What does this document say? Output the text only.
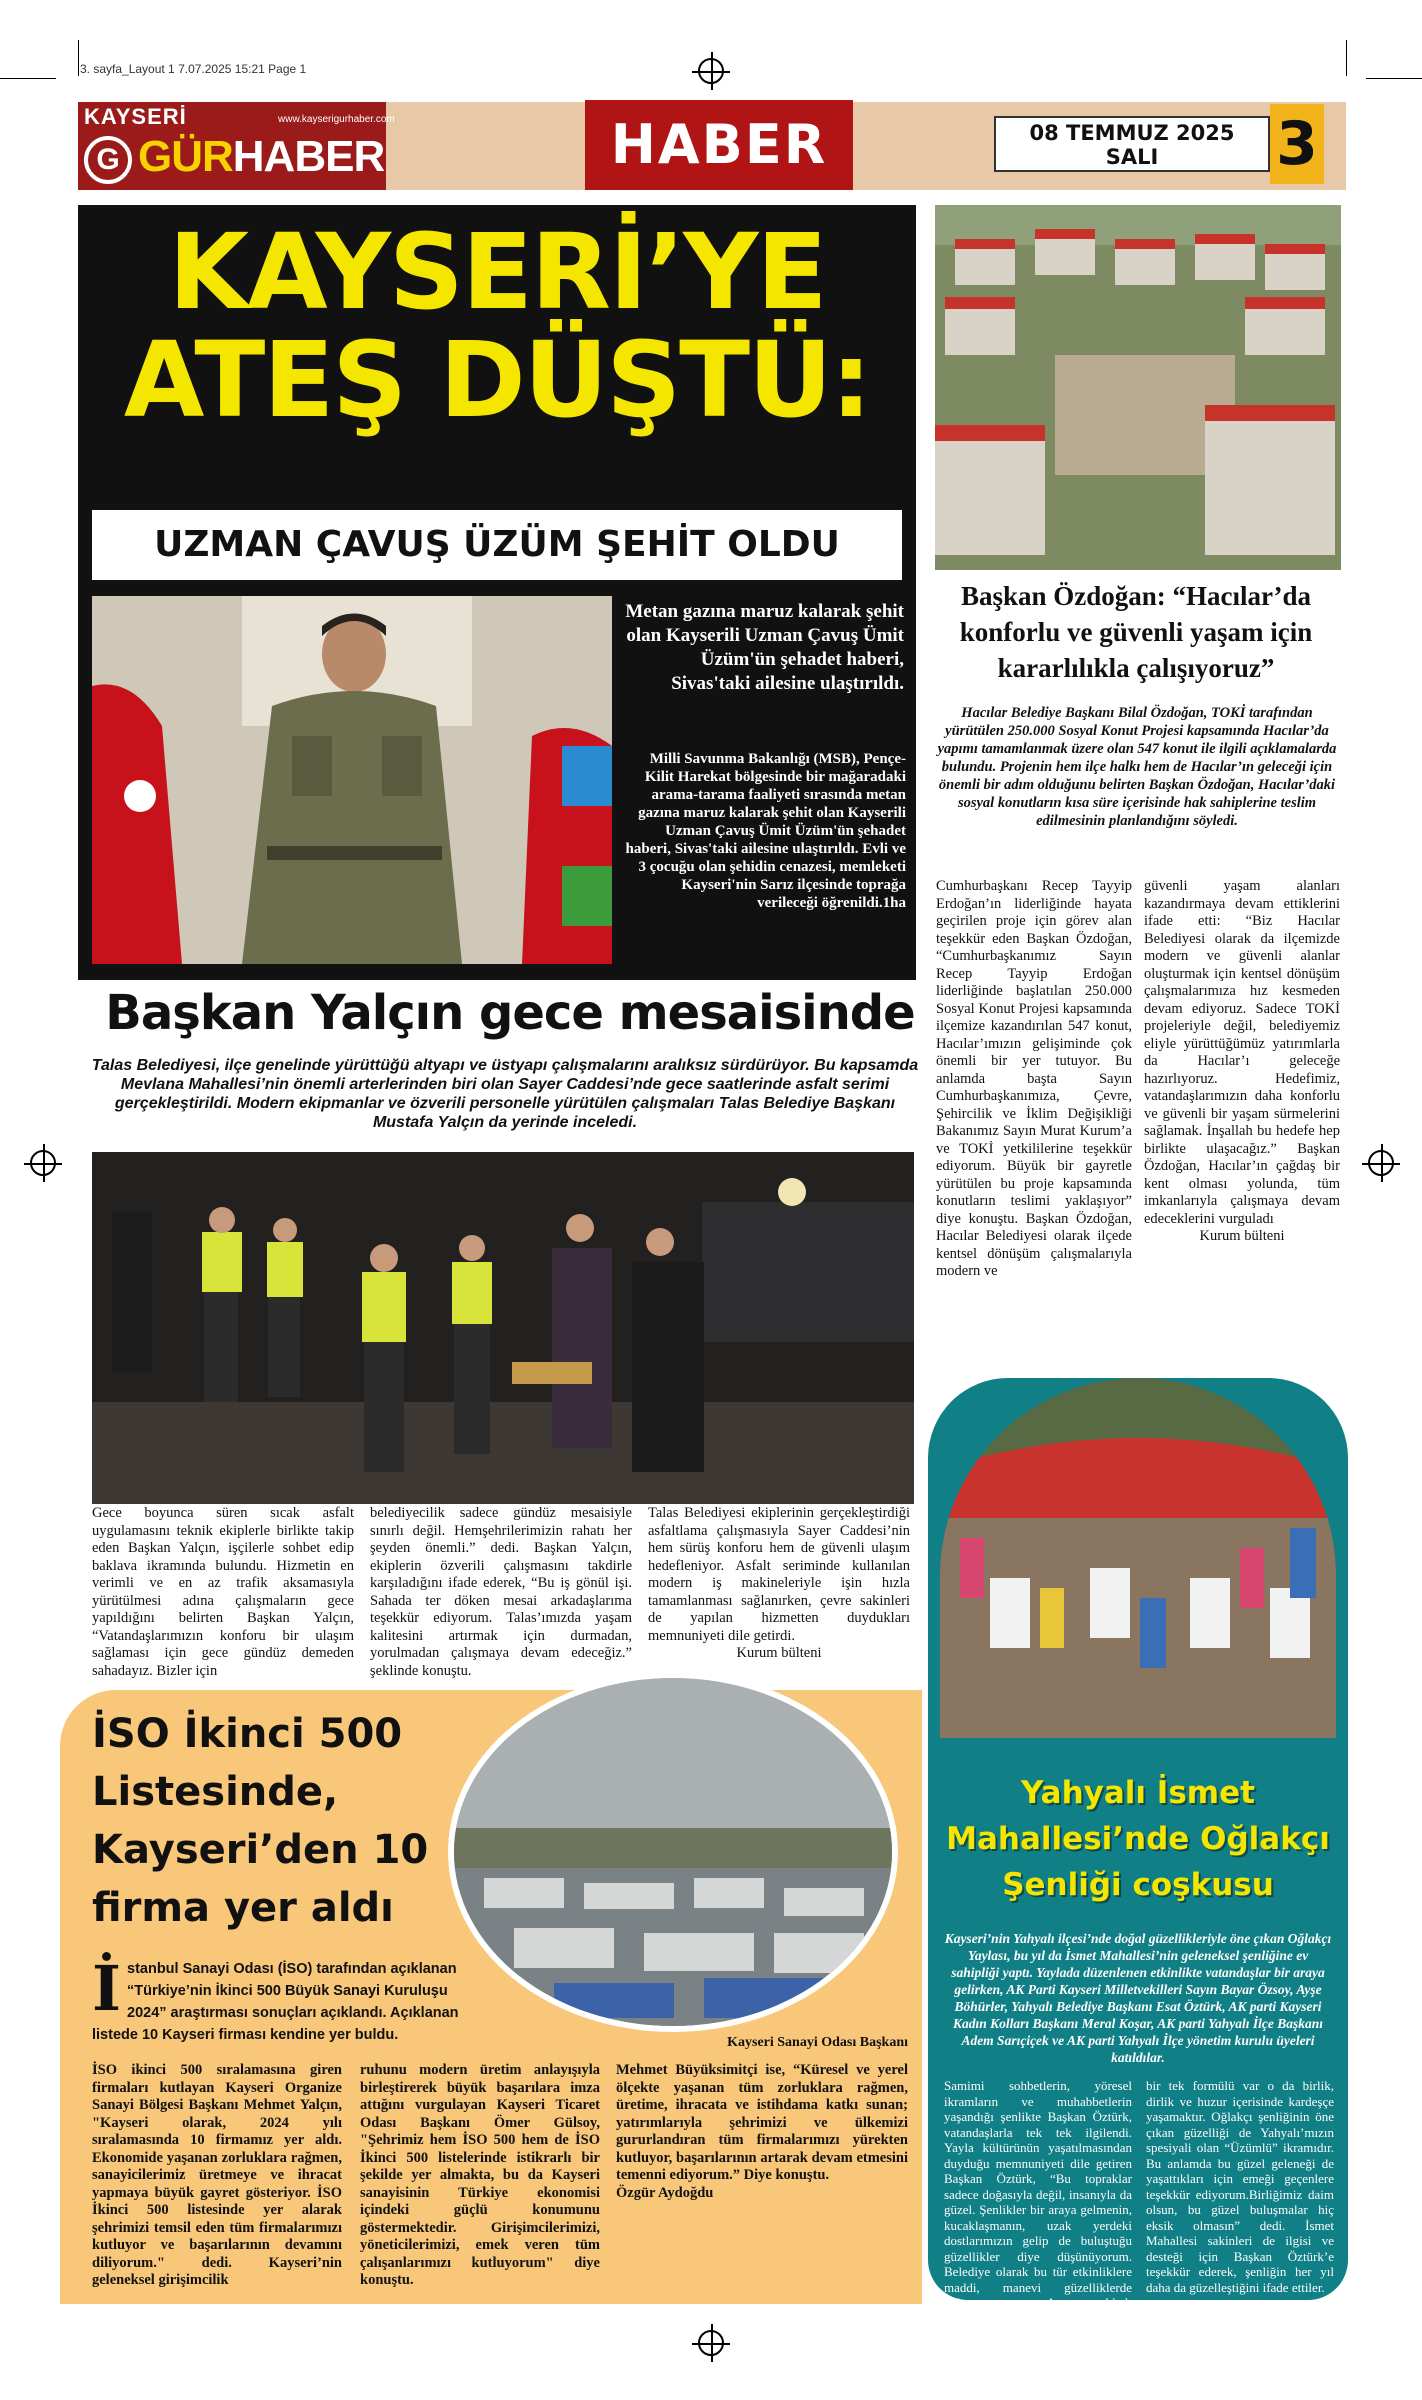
3. sayfa_Layout 1 7.07.2025 15:21 Page 1
KAYSERİ	www.kayserigurhaber.com
G GÜRHABER	HABER	08 TEMMUZ 2025
SALI	3
KAYSERİ’YE
ATEŞ DÜŞTÜ:
UZMAN ÇAVUŞ ÜZÜM ŞEHİT OLDU
Metan gazına maruz kalarak şehit olan Kayserili Uzman Çavuş Ümit Üzüm'ün şehadet haberi, Sivas'taki ailesine ulaştırıldı.
Milli Savunma Bakanlığı (MSB), Pençe-Kilit Harekat bölgesinde bir mağaradaki arama-tarama faaliyeti sırasında metan gazına maruz kalarak şehit olan Kayserili Uzman Çavuş Ümit Üzüm'ün şehadet haberi, Sivas'taki ailesine ulaştırıldı. Evli ve 3 çocuğu olan şehidin cenazesi, memleketi Kayseri'nin Sarız ilçesinde toprağa verileceği öğrenildi.1ha
Başkan Yalçın gece mesaisinde
Talas Belediyesi, ilçe genelinde yürüttüğü altyapı ve üstyapı çalışmalarını aralıksız sürdürüyor. Bu kapsamda Mevlana Mahallesi’nin önemli arterlerinden biri olan Sayer Caddesi’nde gece saatlerinde asfalt serimi gerçekleştirildi. Modern ekipmanlar ve özverili personelle yürütülen çalışmaları Talas Belediye Başkanı Mustafa Yalçın da yerinde inceledi.
Gece boyunca süren sıcak asfalt uygulamasını teknik ekiplerle birlikte takip eden Başkan Yalçın, işçilerle sohbet edip baklava ikramında bulundu. Hizmetin en verimli ve en az trafik aksamasıyla yürütülmesi adına çalışmaların gece yapıldığını belirten Başkan Yalçın, “Vatandaşlarımızın konforu bir ulaşım sağlaması için gece gündüz demeden sahadayız. Bizler için
belediyecilik sadece gündüz mesaisiyle sınırlı değil. Hemşehrilerimizin rahatı her şeyden önemli.” dedi. Başkan Yalçın, ekiplerin özverili çalışmasını takdirle karşıladığını ifade ederek, “Bu iş gönül işi. Sahada ter döken mesai arkadaşlarıma teşekkür ediyorum. Talas’ımızda yaşam kalitesini artırmak için durmadan, yorulmadan çalışmaya devam edeceğiz.” şeklinde konuştu.

Talas Belediyesi ekiplerinin gerçekleştirdiği asfaltlama çalışmasıyla Sayer Caddesi’nin hem sürüş konforu hem de güvenli ulaşım hedefleniyor. Asfalt seriminde kullanılan modern iş makineleriyle işin hızla tamamlanması sağlanırken, çevre sakinleri de yapılan hizmetten duydukları memnuniyeti dile getirdi.

Kurum bülteni

Başkan Özdoğan: “Hacılar’da konforlu ve güvenli yaşam için kararlılıkla çalışıyoruz”
Hacılar Belediye Başkanı Bilal Özdoğan, TOKİ tarafından yürütülen 250.000 Sosyal Konut Projesi kapsamında Hacılar’da yapımı tamamlanmak üzere olan 547 konut ile ilgili açıklamalarda bulundu. Projenin hem ilçe halkı hem de Hacılar’ın geleceği için önemli bir adım olduğunu belirten Başkan Özdoğan, Hacılar’daki sosyal konutların kısa süre içerisinde hak sahiplerine teslim edilmesinin planlandığını söyledi.
Cumhurbaşkanı Recep Tayyip Erdoğan’ın liderliğinde hayata geçirilen proje için görev alan teşekkür eden Başkan Özdoğan, “Cumhurbaşkanımız Sayın Recep Tayyip Erdoğan liderliğinde başlatılan 250.000 Sosyal Konut Projesi kapsamında ilçemize kazandırılan 547 konut, Hacılar’ımızın gelişiminde çok önemli bir yer tutuyor. Bu anlamda başta Sayın Cumhurbaşkanımıza, Çevre, Şehircilik ve İklim Değişikliği Bakanımız Sayın Murat Kurum’a ve TOKİ yetkililerine teşekkür ediyorum. Büyük bir gayretle yürütülen bu proje kapsamında konutların teslimi yaklaşıyor” diye konuştu. Başkan Özdoğan, Hacılar Belediyesi olarak ilçede kentsel dönüşüm çalışmalarıyla modern ve

güvenli yaşam alanları kazandırmaya devam ettiklerini ifade etti: “Biz Hacılar Belediyesi olarak da ilçemizde modern ve güvenli alanlar oluşturmak için kentsel dönüşüm çalışmalarımıza hız kesmeden devam ediyoruz. Sadece TOKİ projeleriyle değil, belediyemiz eliyle yürüttüğümüz yatırımlarla da Hacılar’ı geleceğe hazırlıyoruz. Hedefimiz, vatandaşlarımızın daha konforlu ve güvenli bir yaşam sürmelerini sağlamak. İnşallah bu hedefe hep birlikte ulaşacağız.” Başkan Özdoğan, Hacılar’ın çağdaş bir kent olması yolunda, tüm imkanlarıyla çalışmaya devam edeceklerini vurguladı

Kurum bülteni

Yahyalı İsmet Mahallesi’nde Oğlakçı Şenliği coşkusu
Kayseri’nin Yahyalı ilçesi’nde doğal güzellikleriyle öne çıkan Oğlakçı Yaylası, bu yıl da İsmet Mahallesi’nin geleneksel şenliğine ev sahipliği yaptı. Yaylada düzenlenen etkinlikte vatandaşlar bir araya gelirken, AK Parti Kayseri Milletvekilleri Sayın Bayar Özsoy, Ayşe Böhürler, Yahyalı Belediye Başkanı Esat Öztürk, AK parti Kayseri Kadın Kolları Başkanı Meral Koşar, AK parti Yahyalı İlçe Başkanı Adem Sarıçiçek ve AK parti Yahyalı İlçe yönetim kurulu üyeleri katıldılar.
Samimi sohbetlerin, yöresel ikramların ve muhabbetlerin yaşandığı şenlikte Başkan Öztürk, vatandaşlarla tek tek ilgilendi. Yayla kültürünün yaşatılmasından duyduğu memnuniyeti dile getiren Başkan Öztürk, “Bu topraklar sadece doğasıyla değil, insanıyla da güzel. Şenlikler bir araya gelmenin, kucaklaşmanın, uzak yerdeki dostlarımızın gelip de buluştuğu güzellikler diye düşünüyorum. Belediye olarak bu tür etkinliklere maddi, manevi güzelliklerde bulunuyoruz. Ay yıldızlı bayrağımızın altında kıyamete kadar durmanın

bir tek formülü var o da birlik, dirlik ve huzur içerisinde kardeşçe yaşamaktır. Oğlakçı şenliğinin öne çıkan güzelliği de Yahyalı’mızın spesiyali olan “Üzümlü” ikramıdır. Bu anlamda bu güzel geleneği de yaşattıkları için emeği geçenlere teşekkür ediyorum.Birliğimiz daim olsun, bu güzel buluşmalar hiç eksik olmasın” dedi. İsmet Mahallesi sakinleri de ilgisi ve desteği için Başkan Öztürk’e teşekkür ederek, şenliğin her yıl daha da güzelleştiğini ifade ettiler.

Kurum bülteni

İSO İkinci 500 Listesinde, Kayseri’den 10 firma yer aldı
İstanbul Sanayi Odası (İSO) tarafından açıklanan “Türkiye’nin İkinci 500 Büyük Sanayi Kuruluşu 2024” araştırması sonuçları açıklandı. Açıklanan listede 10 Kayseri firması kendine yer buldu.
İSO ikinci 500 sıralamasına giren firmaları kutlayan Kayseri Organize Sanayi Bölgesi Başkanı Mehmet Yalçın, "Kayseri olarak, 2024 yılı sıralamasında 10 firmamız yer aldı. Ekonomide yaşanan zorluklara rağmen, sanayicilerimiz üretmeye ve ihracat yapmaya büyük gayret gösteriyor. İSO İkinci 500 listesinde yer alarak şehrimizi temsil eden tüm firmalarımızı kutluyor ve başarılarının devamını diliyorum." dedi. Kayseri’nin geleneksel girişimcilik
ruhunu modern üretim anlayışıyla birleştirerek büyük başarılara imza attığını vurgulayan Kayseri Ticaret Odası Başkanı Ömer Gülsoy, "Şehrimiz hem İSO 500 hem de İSO İkinci 500 listelerinde istikrarlı bir şekilde yer almakta, bu da Kayseri sanayisinin Türkiye ekonomisi içindeki güçlü konumunu göstermektedir. Girişimcilerimizi, yöneticilerimizi, emek veren tüm çalışanlarımızı kutluyorum" diye konuştu.
Kayseri Sanayi Odası Başkanı

Mehmet Büyüksimitçi ise, “Küresel ve yerel ölçekte yaşanan tüm zorluklara rağmen, üretime, ihracata ve istihdama katkı sunan; yatırımlarıyla şehrimizi ve ülkemizi gururlandıran tüm firmalarımızı yürekten kutluyor, başarılarının artarak devam etmesini temenni ediyorum.” Diye konuştu.

Özgür Aydoğdu
